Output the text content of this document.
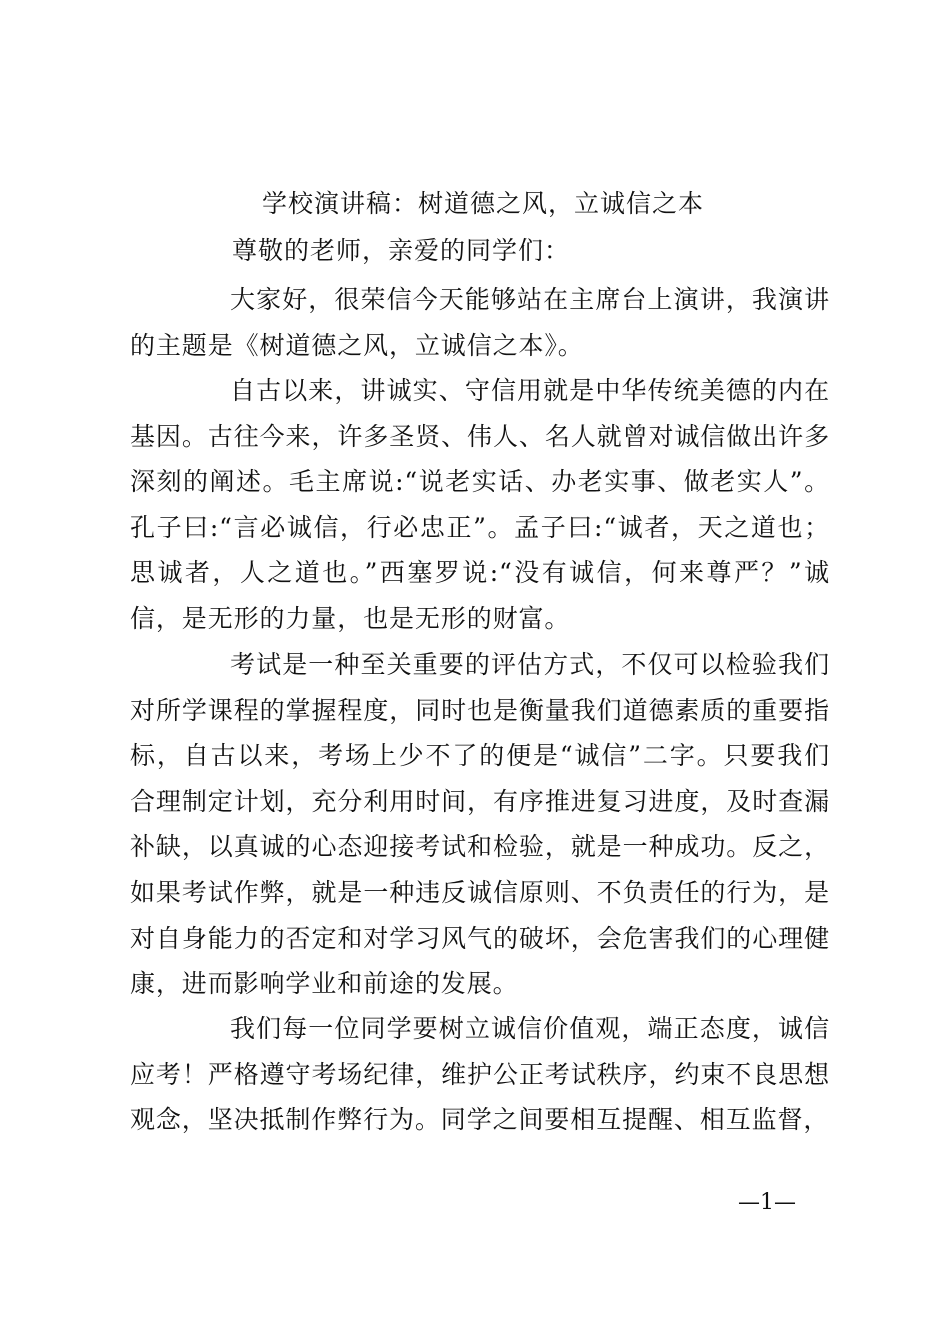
学校演讲稿：树道德之风，立诚信之本
尊敬的老师，亲爱的同学们：

大家好，很荣信今天能够站在主席台上演讲，我演讲的主题是《树道德之风，立诚信之本》。

自古以来，讲诚实、守信用就是中华传统美德的内在基因。古往今来，许多圣贤、伟人、名人就曾对诚信做出许多深刻的阐述。毛主席说:“说老实话、办老实事、做老实人”。孔子曰:“言必诚信，行必忠正”。孟子曰:“诚者，天之道也；思诚者，人之道也。”西塞罗说:“没有诚信，何来尊严？”诚信，是无形的力量，也是无形的财富。

考试是一种至关重要的评估方式，不仅可以检验我们对所学课程的掌握程度，同时也是衡量我们道德素质的重要指标，自古以来，考场上少不了的便是“诚信”二字。只要我们合理制定计划，充分利用时间，有序推进复习进度，及时查漏补缺，以真诚的心态迎接考试和检验，就是一种成功。反之，如果考试作弊，就是一种违反诚信原则、不负责任的行为，是对自身能力的否定和对学习风气的破坏，会危害我们的心理健康，进而影响学业和前途的发展。

我们每一位同学要树立诚信价值观，端正态度，诚信应考！严格遵守考场纪律，维护公正考试秩序，约束不良思想观念，坚决抵制作弊行为。同学之间要相互提醒、相互监督，

—1—
